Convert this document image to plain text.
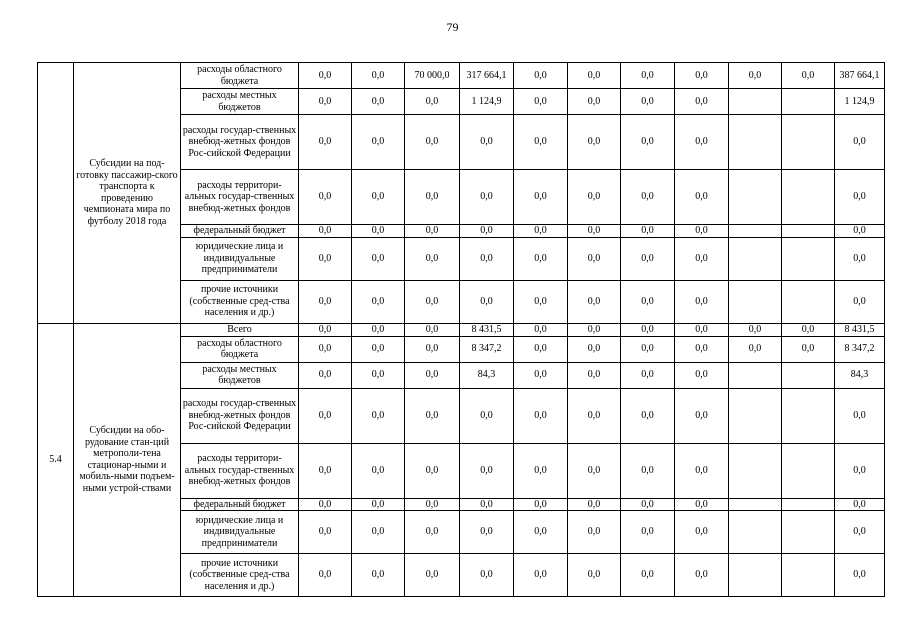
79
	Субсидии на под-готовку пассажир-ского транспорта к проведению чемпионата мира по футболу 2018 года	расходы областного бюджета	0,0	0,0	70 000,0	317 664,1	0,0	0,0	0,0	0,0	0,0	0,0	387 664,1
		расходы местных бюджетов	0,0	0,0	0,0	1 124,9	0,0	0,0	0,0	0,0			1 124,9
		расходы государ-ственных внебюд-жетных фондов Рос-сийской Федерации	0,0	0,0	0,0	0,0	0,0	0,0	0,0	0,0			0,0
		расходы территори-альных государ-ственных внебюд-жетных фондов	0,0	0,0	0,0	0,0	0,0	0,0	0,0	0,0			0,0
		федеральный бюджет	0,0	0,0	0,0	0,0	0,0	0,0	0,0	0,0			0,0
		юридические лица и индивидуальные предприниматели	0,0	0,0	0,0	0,0	0,0	0,0	0,0	0,0			0,0
		прочие источники (собственные сред-ства населения и др.)	0,0	0,0	0,0	0,0	0,0	0,0	0,0	0,0			0,0
5.4	Субсидии на обо-рудование стан-ций метрополи-тена стационар-ными и мобиль-ными подъем-ными устрой-ствами	Всего	0,0	0,0	0,0	8 431,5	0,0	0,0	0,0	0,0	0,0	0,0	8 431,5
		расходы областного бюджета	0,0	0,0	0,0	8 347,2	0,0	0,0	0,0	0,0	0,0	0,0	8 347,2
		расходы местных бюджетов	0,0	0,0	0,0	84,3	0,0	0,0	0,0	0,0			84,3
		расходы государ-ственных внебюд-жетных фондов Рос-сийской Федерации	0,0	0,0	0,0	0,0	0,0	0,0	0,0	0,0			0,0
		расходы территори-альных государ-ственных внебюд-жетных фондов	0,0	0,0	0,0	0,0	0,0	0,0	0,0	0,0			0,0
		федеральный бюджет	0,0	0,0	0,0	0,0	0,0	0,0	0,0	0,0			0,0
		юридические лица и индивидуальные предприниматели	0,0	0,0	0,0	0,0	0,0	0,0	0,0	0,0			0,0
		прочие источники (собственные сред-ства населения и др.)	0,0	0,0	0,0	0,0	0,0	0,0	0,0	0,0			0,0
